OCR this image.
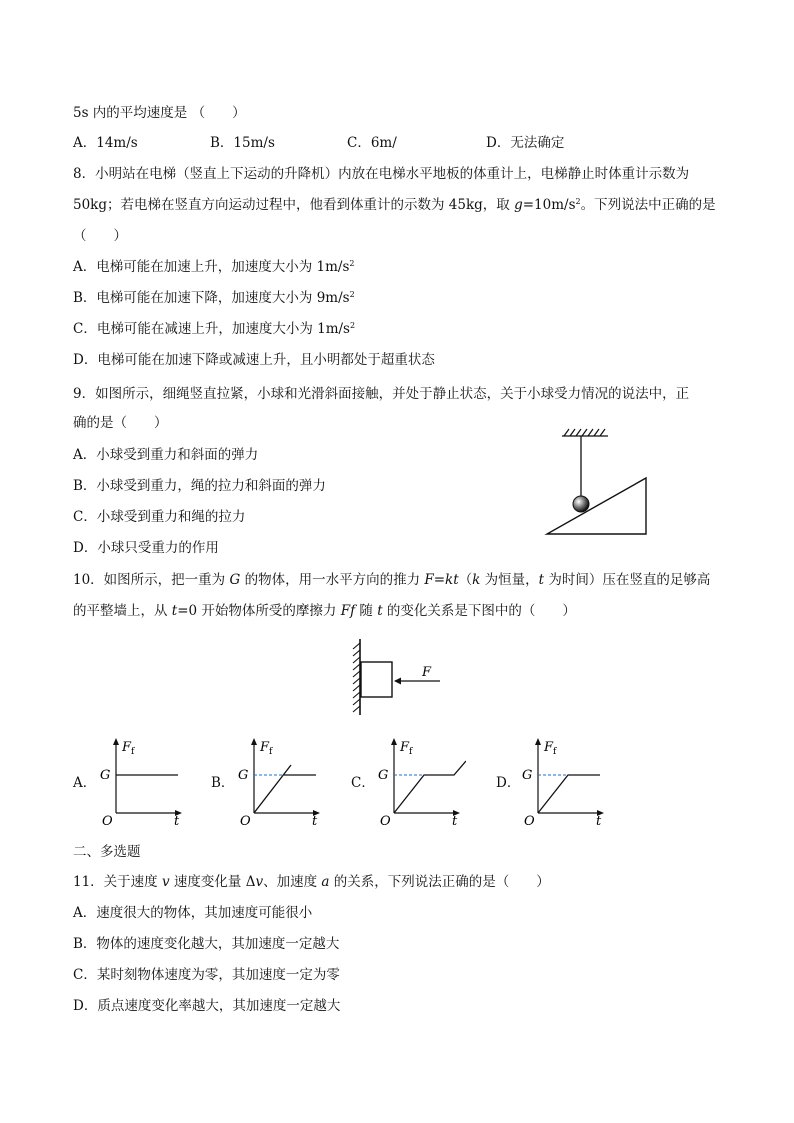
5s 内的平均速度是 （　　）
A．14m/s	B．15m/s	C．6m/	D．无法确定
8．小明站在电梯（竖直上下运动的升降机）内放在电梯水平地板的体重计上，电梯静止时体重计示数为
50kg；若电梯在竖直方向运动过程中，他看到体重计的示数为 45kg，取 $g=10m/s^2$。下列说法中正确的是
（　　）
A．电梯可能在加速上升，加速度大小为 $1m/s^2$
B．电梯可能在加速下降，加速度大小为 $9m/s^2$
C．电梯可能在减速上升，加速度大小为 $1m/s^2$
D．电梯可能在加速下降或减速上升，且小明都处于超重状态
9．如图所示，细绳竖直拉紧，小球和光滑斜面接触，并处于静止状态，关于小球受力情况的说法中，正
确的是（　　）
A．小球受到重力和斜面的弹力
B．小球受到重力，绳的拉力和斜面的弹力
C．小球受到重力和绳的拉力
D．小球只受重力的作用
10．如图所示，把一重为 G 的物体，用一水平方向的推力 F=kt（k 为恒量，t 为时间）压在竖直的足够高
的平整墙上，从 t=0 开始物体所受的摩擦力 Ff 随 t 的变化关系是下图中的（　　）
F
A．
$F_f$
G
O	t
B．
$F_f$
G
O	t
C．
$F_f$
G
O	t
D．
$F_f$
G
O	t
二、多选题
11．关于速度 v 速度变化量 Δv、加速度 a 的关系，下列说法正确的是（　　）
A．速度很大的物体，其加速度可能很小
B．物体的速度变化越大，其加速度一定越大
C．某时刻物体速度为零，其加速度一定为零
D．质点速度变化率越大，其加速度一定越大
